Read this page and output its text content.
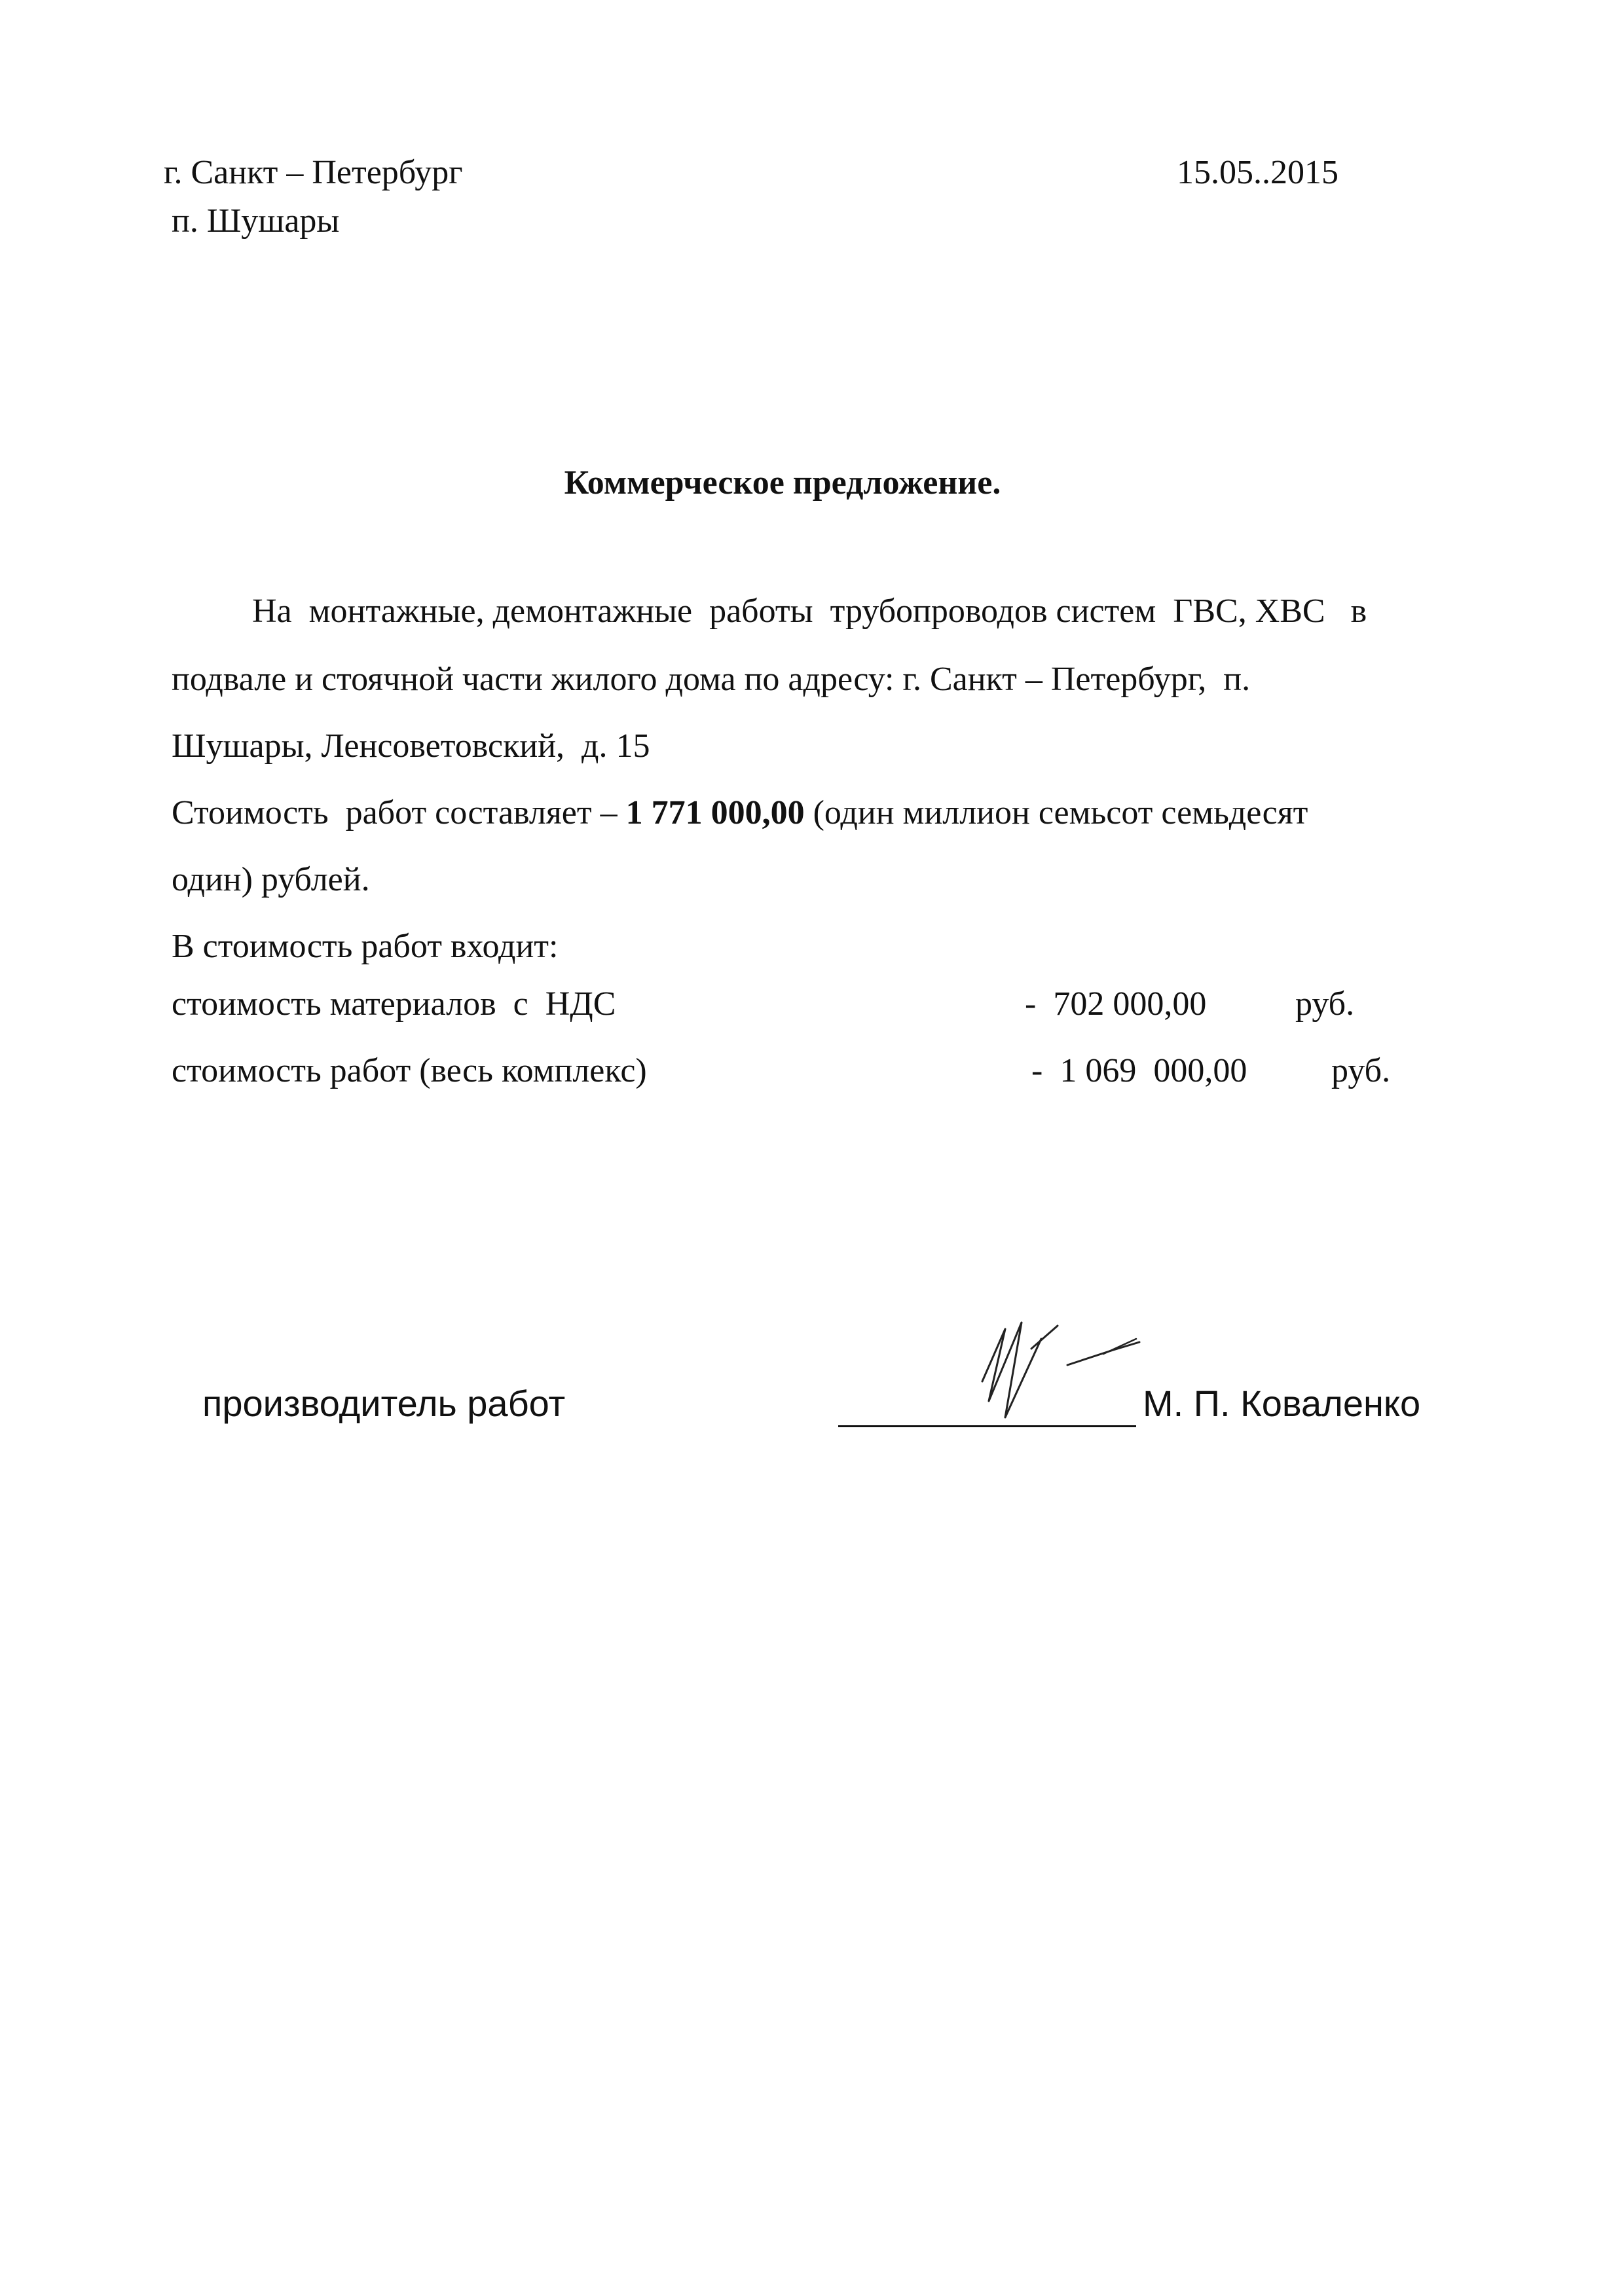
г. Санкт – Петербург
п. Шушары
15.05..2015
Коммерческое предложение.
На  монтажные, демонтажные  работы  трубопроводов систем  ГВС, ХВС   в
подвале и стоячной части жилого дома по адресу: г. Санкт – Петербург,  п.
Шушары, Ленсоветовский,  д. 15
Стоимость  работ составляет – 1 771 000,00 (один миллион семьсот семьдесят
один) рублей.
В стоимость работ входит:
стоимость материалов  с  НДС	-  702 000,00	руб.
стоимость работ (весь комплекс)	-  1 069  000,00 руб.
производитель работ	М. П. Коваленко
